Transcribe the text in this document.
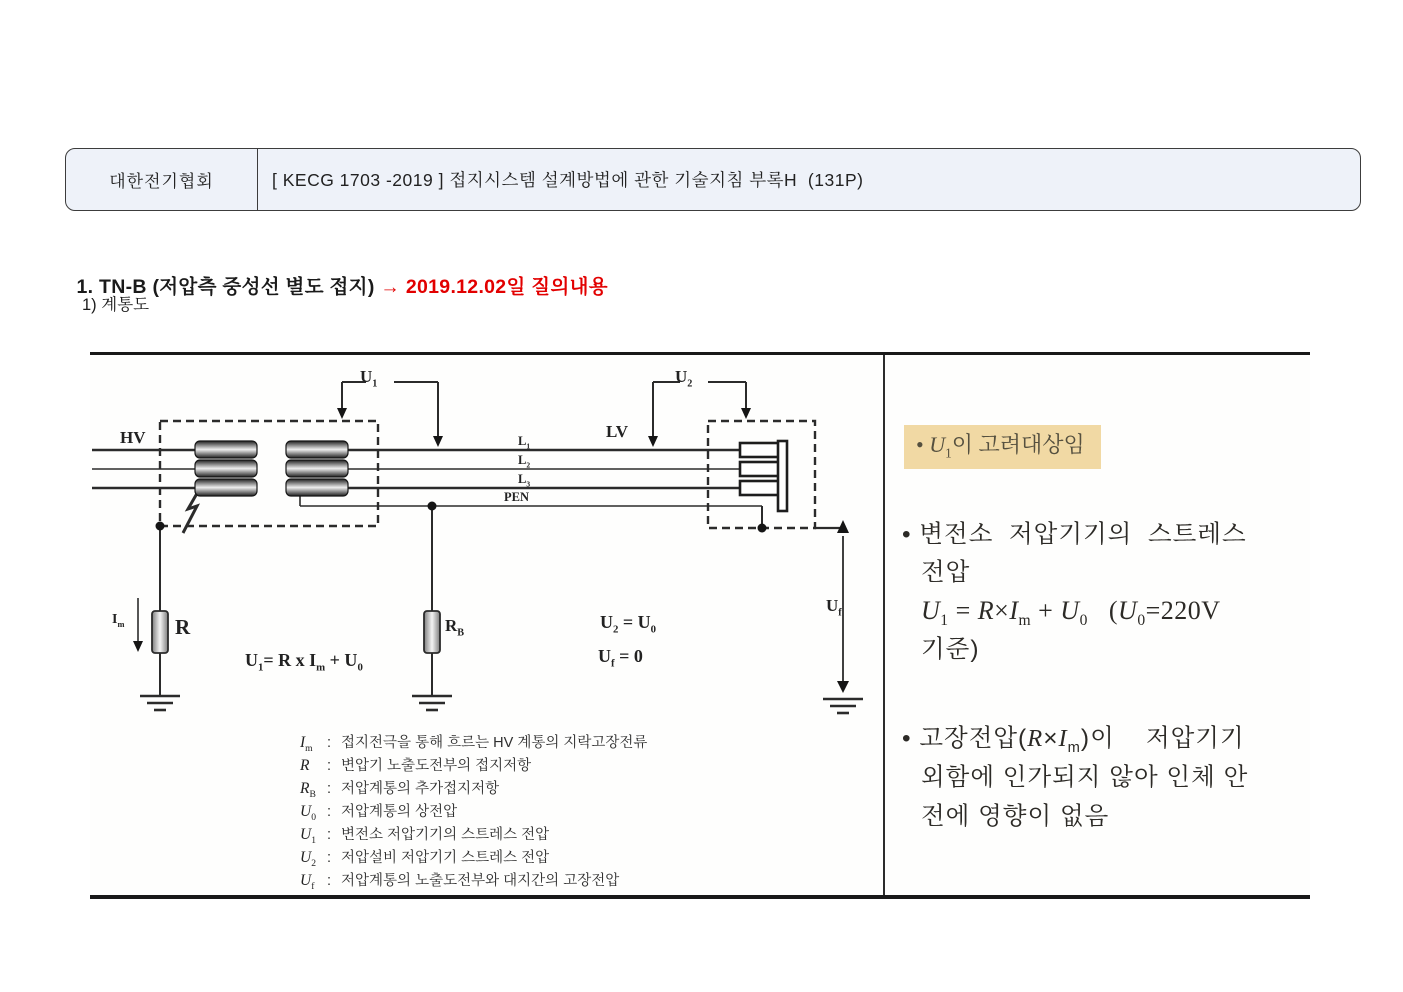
대한전기협회	[ KECG 1703 -2019 ] 접지시스템 설계방법에 관한 기술지침 부록H  (131P)

1. TN-B (저압측 중성선 별도 접지) → 2019.12.02일 질의내용

1) 계통도
HV	LV
$U_1$	$U_2$
$L_1$
$L_2$
$L_3$
PEN
$I_m$ R	$R_B$
$U_f$
$U_1= R$ x $I_m + U_0$
$U_2 = U_0$
$U_f = 0$
$I_m$ : 접지전극을 통해 흐르는 HV 계통의 지락고장전류
R	: 변압기 노출도전부의 접지저항
$R_B$ : 저압계통의 추가접지저항
$U_0$ : 저압계통의 상전압
$U_1$ : 변전소 저압기기의 스트레스 전압
$U_2$ : 저압설비 저압기기 스트레스 전압
$U_f$ : 저압계통의 노출도전부와 대지간의 고장전압
• $U_1$이 고려대상임
• 변전소  저압기기의  스트레스
전압
$U_1 = R\times I_m + U_0$   ($U_0=220V$
기준)
• 고장전압$(R\times I_m)$이    저압기기
외함에 인가되지 않아 인체 안
전에 영향이 없음
